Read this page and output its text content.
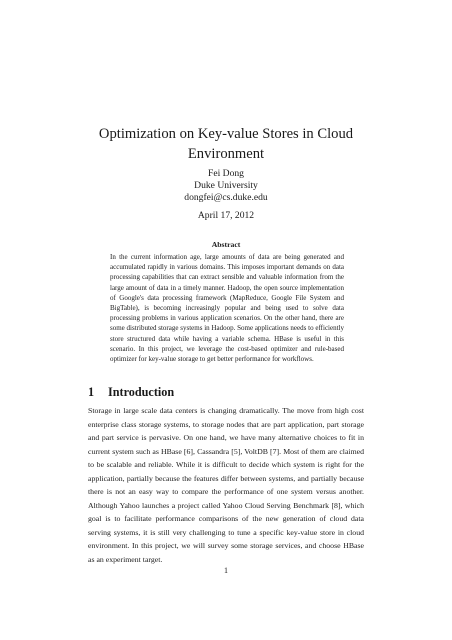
Optimization on Key-value Stores in Cloud Environment
Fei Dong
Duke University
dongfei@cs.duke.edu
April 17, 2012
Abstract
In the current information age, large amounts of data are being generated and accumulated rapidly in various domains. This imposes important demands on data processing capabilities that can extract sensible and valuable information from the large amount of data in a timely manner. Hadoop, the open source implementation of Google's data processing framework (MapReduce, Google File System and BigTable), is becoming increasingly popular and being used to solve data processing problems in various application scenarios. On the other hand, there are some distributed storage systems in Hadoop. Some applications needs to efficiently store structured data while having a variable schema. HBase is useful in this scenario. In this project, we leverage the cost-based optimizer and rule-based optimizer for key-value storage to get better performance for workflows.
1 Introduction
Storage in large scale data centers is changing dramatically. The move from high cost enterprise class storage systems, to storage nodes that are part application, part storage and part service is pervasive. On one hand, we have many alternative choices to fit in current system such as HBase [6], Cassandra [5], VoltDB [7]. Most of them are claimed to be scalable and reliable. While it is difficult to decide which system is right for the application, partially because the features differ between systems, and partially because there is not an easy way to compare the performance of one system versus another. Although Yahoo launches a project called Yahoo Cloud Serving Benchmark [8], which goal is to facilitate performance comparisons of the new generation of cloud data serving systems, it is still very challenging to tune a specific key-value store in cloud environment. In this project, we will survey some storage services, and choose HBase as an experiment target.
1
